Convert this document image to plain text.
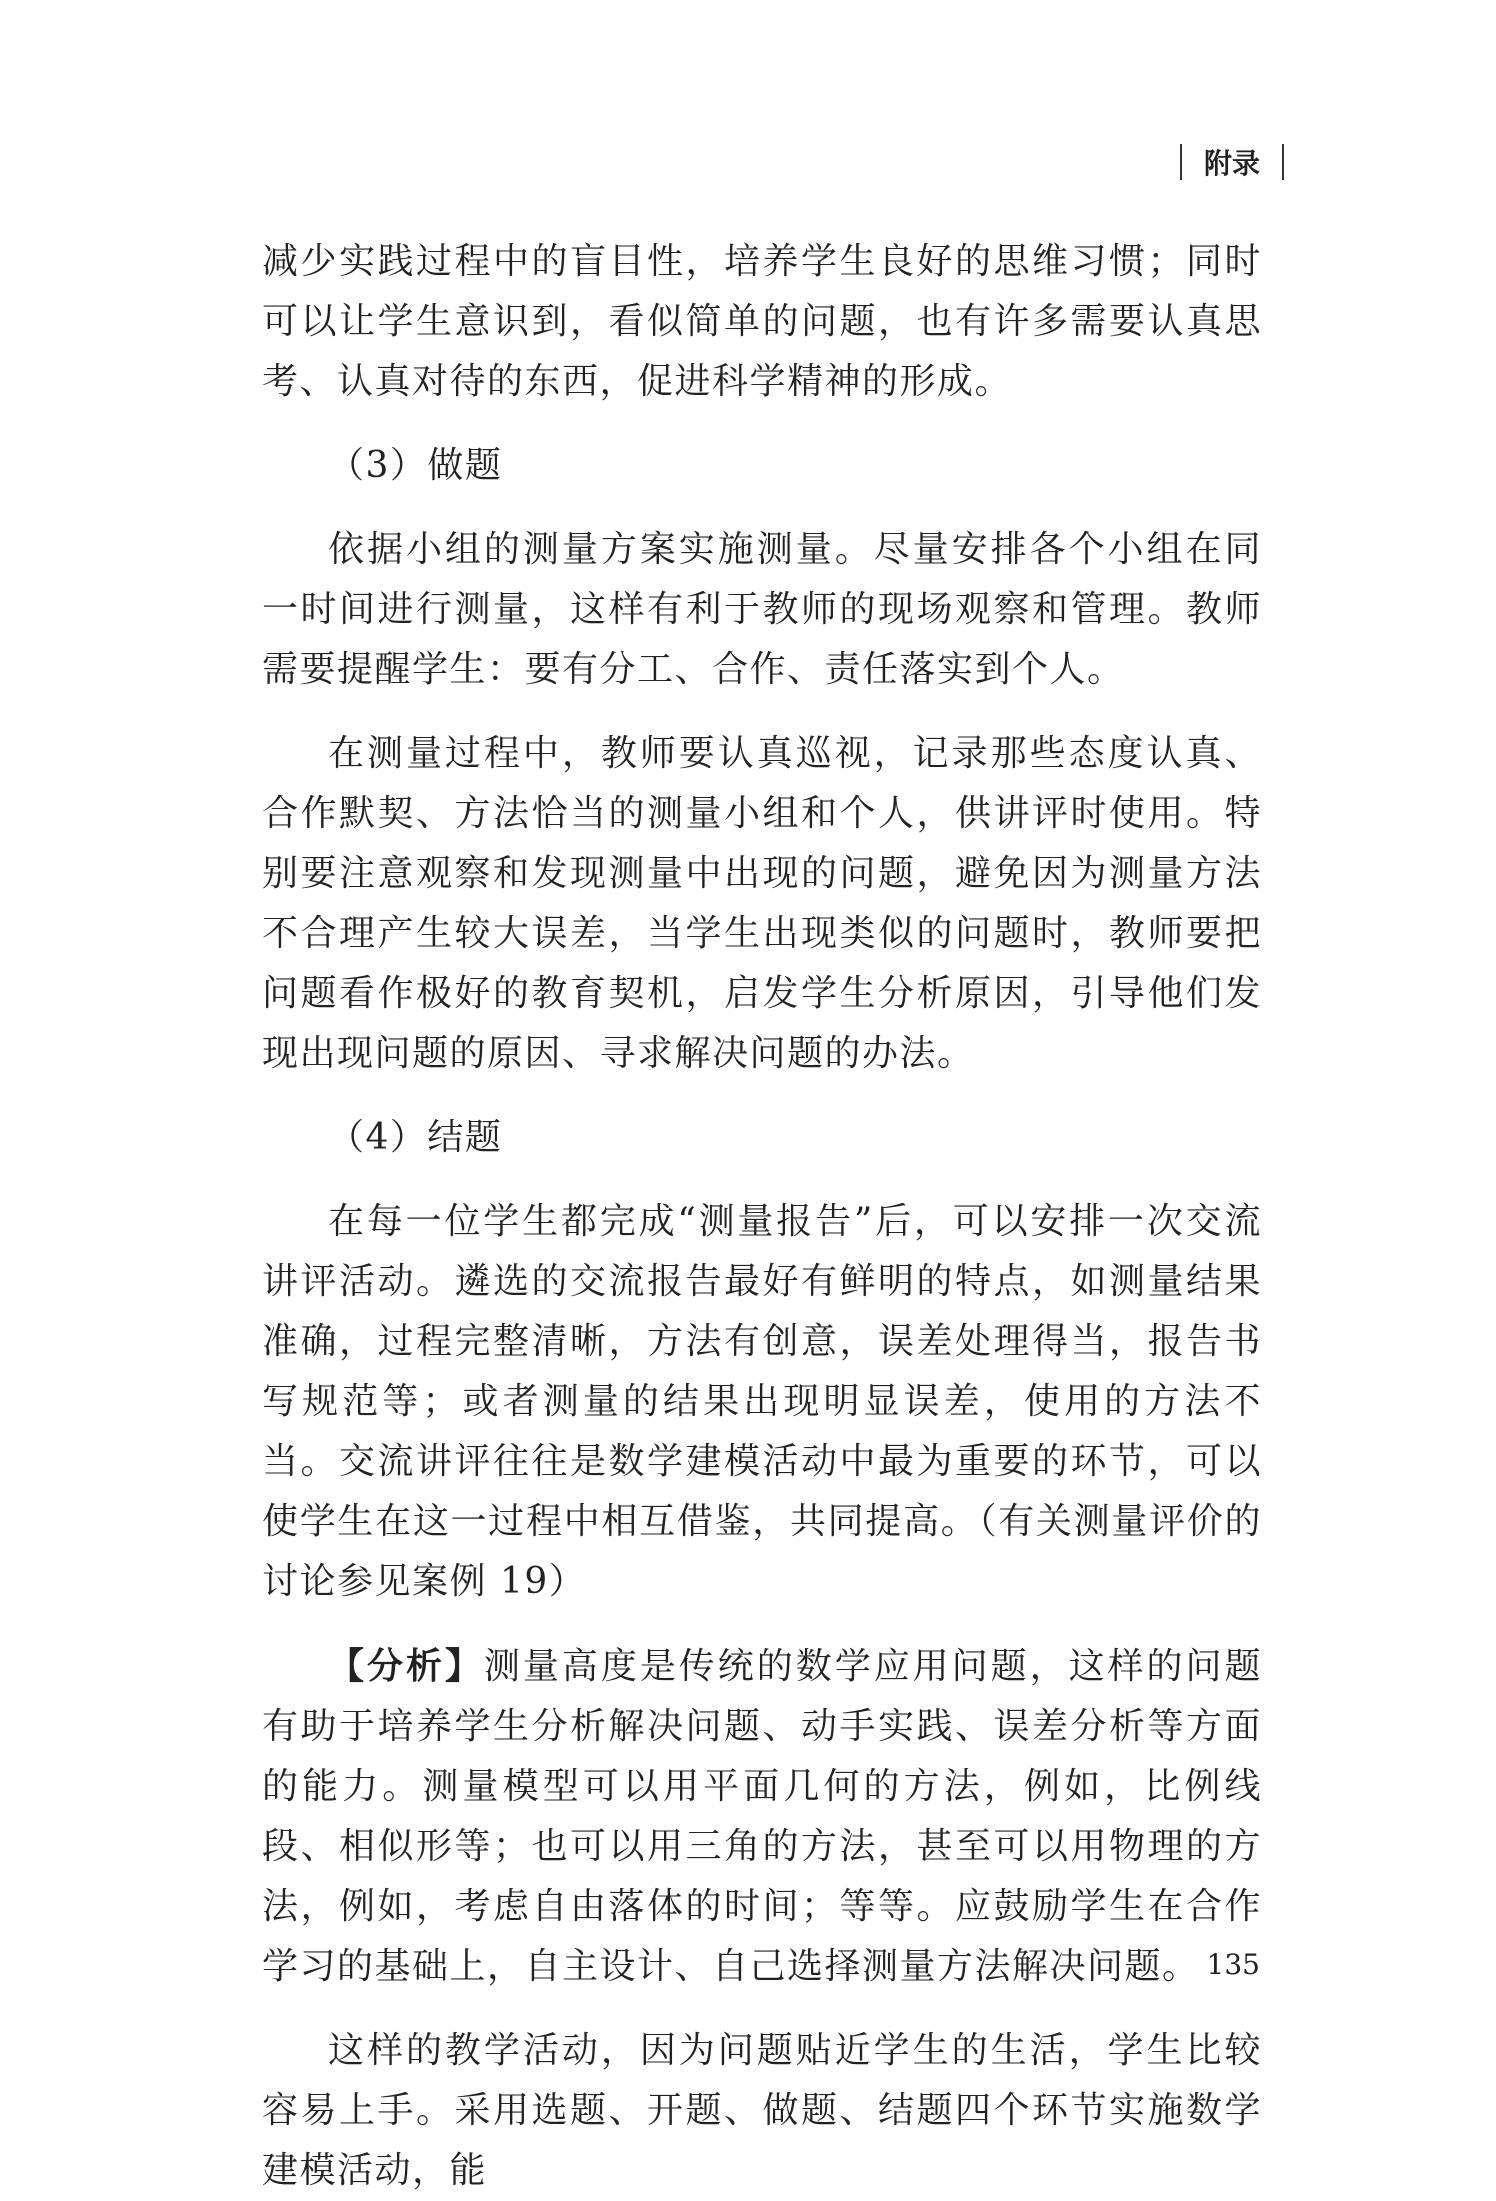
附录

减少实践过程中的盲目性，培养学生良好的思维习惯；同时可以让学生意识到，看似简单的问题，也有许多需要认真思考、认真对待的东西，促进科学精神的形成。

（3）做题

依据小组的测量方案实施测量。尽量安排各个小组在同一时间进行测量，这样有利于教师的现场观察和管理。教师需要提醒学生：要有分工、合作、责任落实到个人。

在测量过程中，教师要认真巡视，记录那些态度认真、合作默契、方法恰当的测量小组和个人，供讲评时使用。特别要注意观察和发现测量中出现的问题，避免因为测量方法不合理产生较大误差，当学生出现类似的问题时，教师要把问题看作极好的教育契机，启发学生分析原因，引导他们发现出现问题的原因、寻求解决问题的办法。

（4）结题

在每一位学生都完成“测量报告”后，可以安排一次交流讲评活动。遴选的交流报告最好有鲜明的特点，如测量结果准确，过程完整清晰，方法有创意，误差处理得当，报告书写规范等；或者测量的结果出现明显误差，使用的方法不当。交流讲评往往是数学建模活动中最为重要的环节，可以使学生在这一过程中相互借鉴，共同提高。（有关测量评价的讨论参见案例 19）

【分析】测量高度是传统的数学应用问题，这样的问题有助于培养学生分析解决问题、动手实践、误差分析等方面的能力。测量模型可以用平面几何的方法，例如，比例线段、相似形等；也可以用三角的方法，甚至可以用物理的方法，例如，考虑自由落体的时间；等等。应鼓励学生在合作学习的基础上，自主设计、自己选择测量方法解决问题。

这样的教学活动，因为问题贴近学生的生活，学生比较容易上手。采用选题、开题、做题、结题四个环节实施数学建模活动，能

135
